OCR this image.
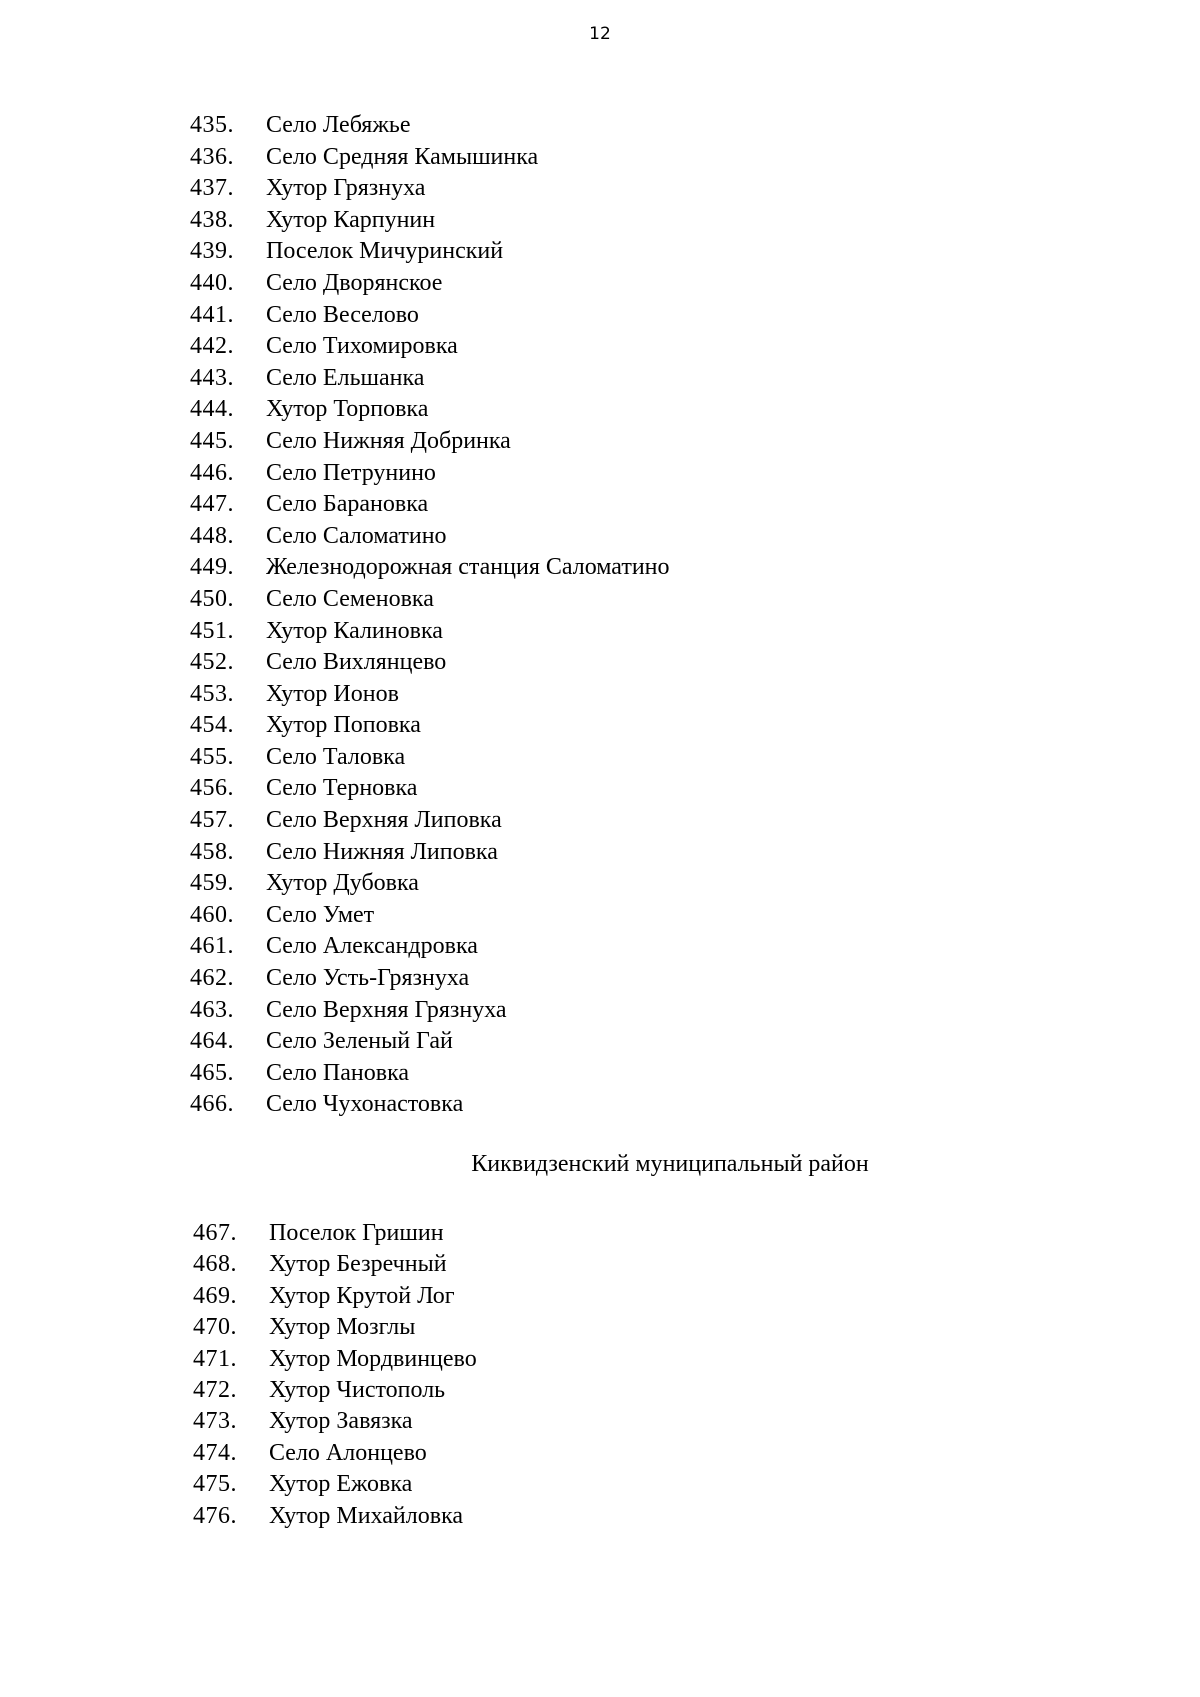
12
435. Село Лебяжье
436. Село Средняя Камышинка
437. Хутор Грязнуха
438. Хутор Карпунин
439. Поселок Мичуринский
440. Село Дворянское
441. Село Веселово
442. Село Тихомировка
443. Село Ельшанка
444. Хутор Торповка
445. Село Нижняя Добринка
446. Село Петрунино
447. Село Барановка
448. Село Саломатино
449. Железнодорожная станция Саломатино
450. Село Семеновка
451. Хутор Калиновка
452. Село Вихлянцево
453. Хутор Ионов
454. Хутор Поповка
455. Село Таловка
456. Село Терновка
457. Село Верхняя Липовка
458. Село Нижняя Липовка
459. Хутор Дубовка
460. Село Умет
461. Село Александровка
462. Село Усть-Грязнуха
463. Село Верхняя Грязнуха
464. Село Зеленый Гай
465. Село Пановка
466. Село Чухонастовка
Киквидзенский муниципальный район
467. Поселок Гришин
468. Хутор Безречный
469. Хутор Крутой Лог
470. Хутор Мозглы
471. Хутор Мордвинцево
472. Хутор Чистополь
473. Хутор Завязка
474. Село Алонцево
475. Хутор Ежовка
476. Хутор Михайловка
